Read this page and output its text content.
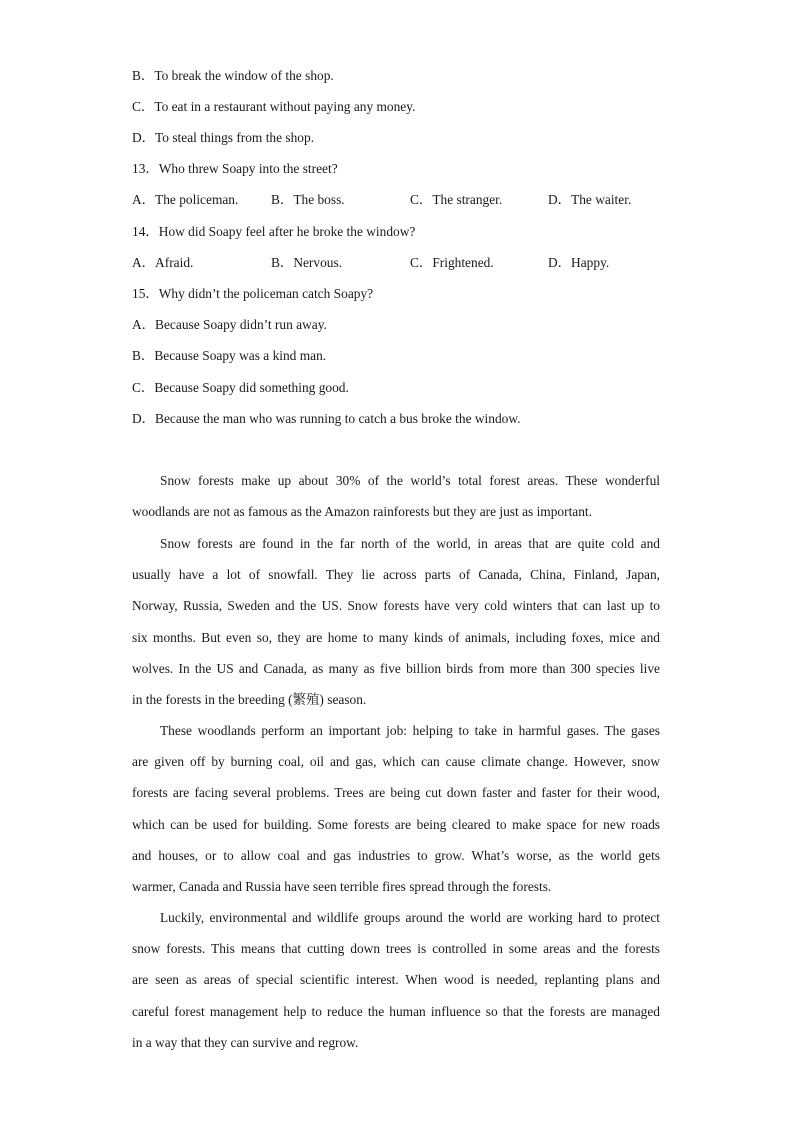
B．To break the window of the shop.
C．To eat in a restaurant without paying any money.
D．To steal things from the shop.
13．Who threw Soapy into the street?
A．The policeman. B．The boss.	C．The stranger.	D．The waiter.
14．How did Soapy feel after he broke the window?
A．Afraid.	B．Nervous.	C．Frightened.	D．Happy.
15．Why didn’t the policeman catch Soapy?
A．Because Soapy didn’t run away.
B．Because Soapy was a kind man.
C．Because Soapy did something good.
D．Because the man who was running to catch a bus broke the window.
Snow forests make up about 30% of the world’s total forest areas. These wonderful
woodlands are not as famous as the Amazon rainforests but they are just as important.
Snow forests are found in the far north of the world, in areas that are quite cold and
usually have a lot of snowfall. They lie across parts of Canada, China, Finland, Japan,
Norway, Russia, Sweden and the US. Snow forests have very cold winters that can last up to
six months. But even so, they are home to many kinds of animals, including foxes, mice and
wolves. In the US and Canada, as many as five billion birds from more than 300 species live
in the forests in the breeding (繁殖) season.
These woodlands perform an important job: helping to take in harmful gases. The gases
are given off by burning coal, oil and gas, which can cause climate change. However, snow
forests are facing several problems. Trees are being cut down faster and faster for their wood,
which can be used for building. Some forests are being cleared to make space for new roads
and houses, or to allow coal and gas industries to grow. What’s worse, as the world gets
warmer, Canada and Russia have seen terrible fires spread through the forests.
Luckily, environmental and wildlife groups around the world are working hard to protect
snow forests. This means that cutting down trees is controlled in some areas and the forests
are seen as areas of special scientific interest. When wood is needed, replanting plans and
careful forest management help to reduce the human influence so that the forests are managed
in a way that they can survive and regrow.
